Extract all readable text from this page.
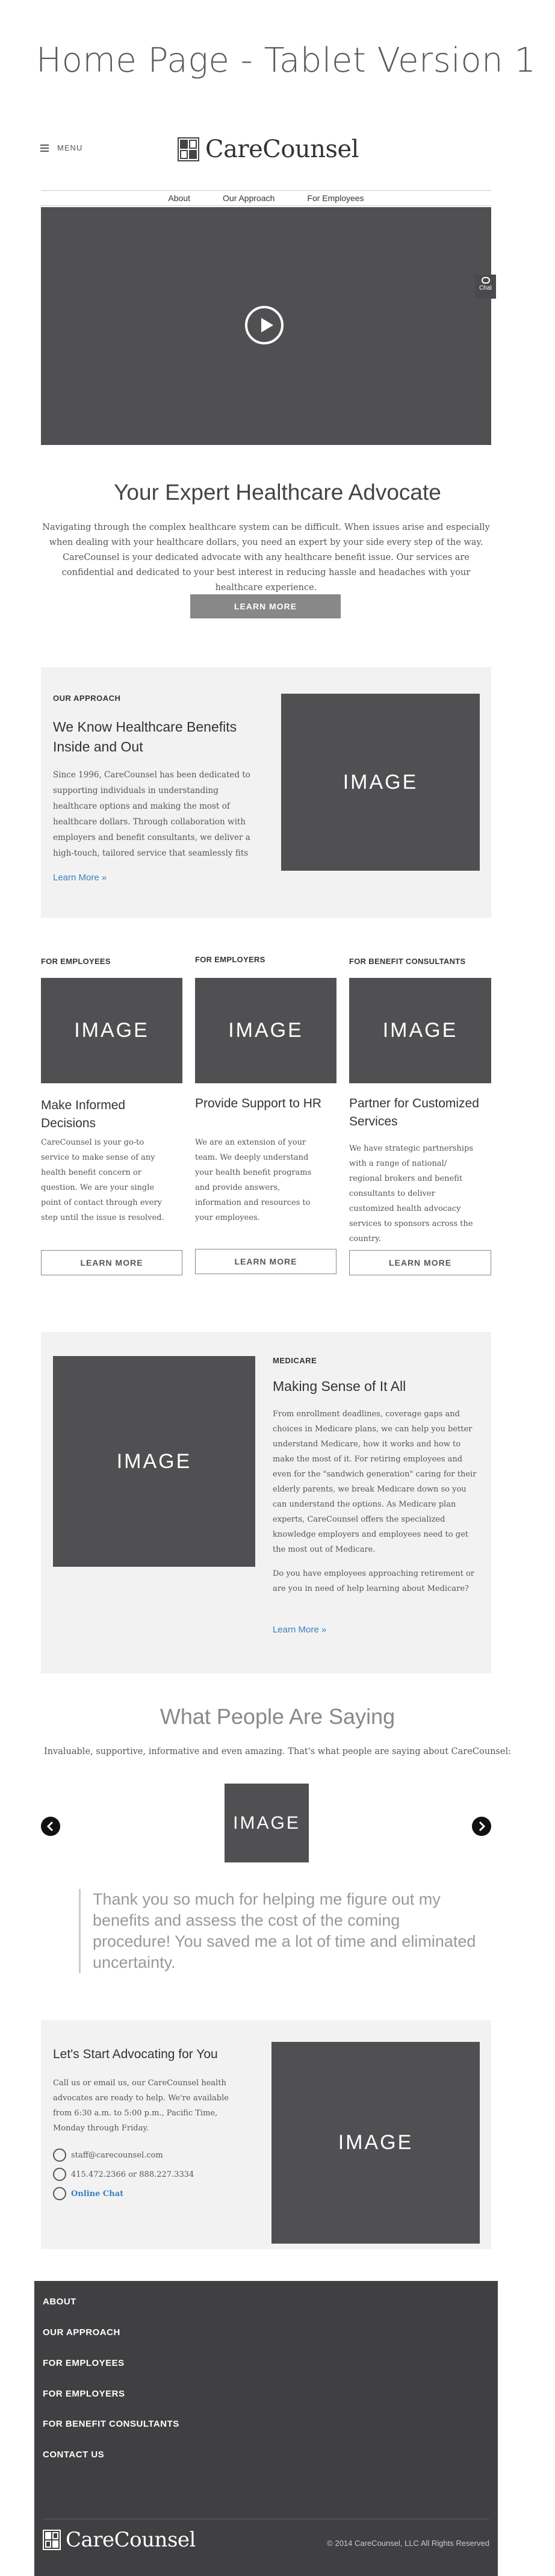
Home Page - Tablet Version 1
MENU	CareCounsel
About	Our Approach	For Employees
Chat
Your Expert Healthcare Advocate
Navigating through the complex healthcare system can be difficult. When issues arise and especially when dealing with your healthcare dollars, you need an expert by your side every step of the way. CareCounsel is your dedicated advocate with any healthcare benefit issue. Our services are confidential and dedicated to your best interest in reducing hassle and headaches with your healthcare experience.
LEARN MORE
OUR APPROACH
We Know Healthcare Benefits Inside and Out
Since 1996, CareCounsel has been dedicated to supporting individuals in understanding healthcare options and making the most of healthcare dollars. Through collaboration with employers and benefit consultants, we deliver a high-touch, tailored service that seamlessly fits
Learn More »
IMAGE
FOR EMPLOYEES
IMAGE
Make Informed Decisions
CareCounsel is your go-to service to make sense of any health benefit concern or question. We are your single point of contact through every step until the issue is resolved.
LEARN MORE
FOR EMPLOYERS
IMAGE
Provide Support to HR
We are an extension of your team. We deeply understand your health benefit programs and provide answers, information and resources to your employees.
LEARN MORE
FOR BENEFIT CONSULTANTS
IMAGE
Partner for Customized Services
We have strategic partnerships with a range of national/ regional brokers and benefit consultants to deliver customized health advocacy services to sponsors across the country.
LEARN MORE
IMAGE
MEDICARE
Making Sense of It All
From enrollment deadlines, coverage gaps and choices in Medicare plans, we can help you better understand Medicare, how it works and how to make the most of it. For retiring employees and even for the "sandwich generation" caring for their elderly parents, we break Medicare down so you can understand the options. As Medicare plan experts, CareCounsel offers the specialized knowledge employers and employees need to get the most out of Medicare.
Do you have employees approaching retirement or are you in need of help learning about Medicare?
Learn More »
What People Are Saying
Invaluable, supportive, informative and even amazing. That's what people are saying about CareCounsel:
IMAGE
Thank you so much for helping me figure out my benefits and assess the cost of the coming procedure! You saved me a lot of time and eliminated uncertainty.
Let's Start Advocating for You
Call us or email us, our CareCounsel health advocates are ready to help. We're available from 6:30 a.m. to 5:00 p.m., Pacific Time, Monday through Friday.
staff@carecounsel.com
415.472.2366 or 888.227.3334
Online Chat
IMAGE
ABOUT
OUR APPROACH
FOR EMPLOYEES
FOR EMPLOYERS
FOR BENEFIT CONSULTANTS
CONTACT US
CareCounsel	© 2014 CareCounsel, LLC All Rights Reserved
